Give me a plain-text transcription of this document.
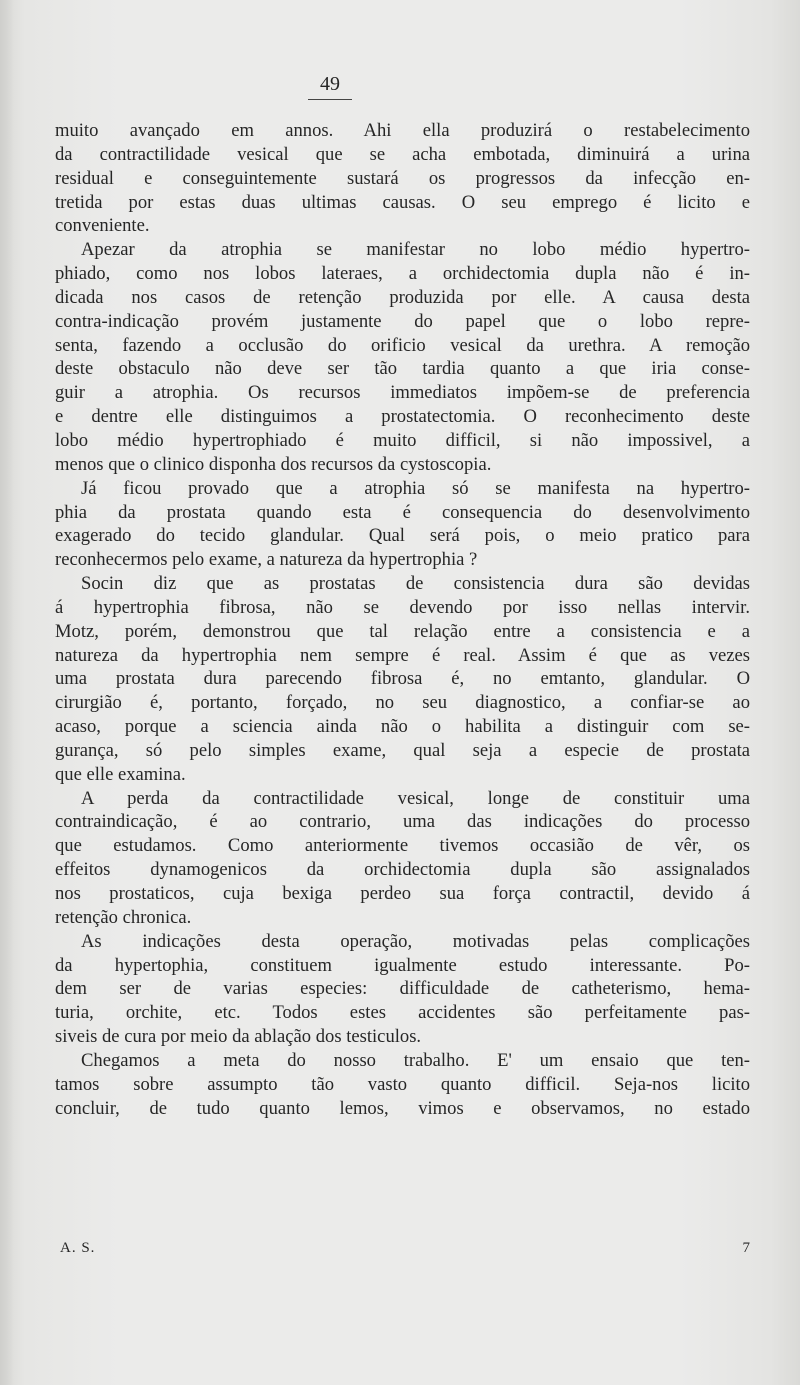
49
muito avançado em annos. Ahi ella produzirá o restabelecimento
da contractilidade vesical que se acha embotada, diminuirá a urina
residual e conseguintemente sustará os progressos da infecção en-
tretida por estas duas ultimas causas. O seu emprego é licito e
conveniente.
Apezar da atrophia se manifestar no lobo médio hypertro-
phiado, como nos lobos lateraes, a orchidectomia dupla não é in-
dicada nos casos de retenção produzida por elle. A causa desta
contra-indicação provém justamente do papel que o lobo repre-
senta, fazendo a occlusão do orificio vesical da urethra. A remoção
deste obstaculo não deve ser tão tardia quanto a que iria conse-
guir a atrophia. Os recursos immediatos impõem-se de preferencia
e dentre elle distinguimos a prostatectomia. O reconhecimento deste
lobo médio hypertrophiado é muito difficil, si não impossivel, a
menos que o clinico disponha dos recursos da cystoscopia.
Já ficou provado que a atrophia só se manifesta na hypertro-
phia da prostata quando esta é consequencia do desenvolvimento
exagerado do tecido glandular. Qual será pois, o meio pratico para
reconhecermos pelo exame, a natureza da hypertrophia ?
Socin diz que as prostatas de consistencia dura são devidas
á hypertrophia fibrosa, não se devendo por isso nellas intervir.
Motz, porém, demonstrou que tal relação entre a consistencia e a
natureza da hypertrophia nem sempre é real. Assim é que as vezes
uma prostata dura parecendo fibrosa é, no emtanto, glandular. O
cirurgião é, portanto, forçado, no seu diagnostico, a confiar-se ao
acaso, porque a sciencia ainda não o habilita a distinguir com se-
gurança, só pelo simples exame, qual seja a especie de prostata
que elle examina.
A perda da contractilidade vesical, longe de constituir uma
contraindicação, é ao contrario, uma das indicações do processo
que estudamos. Como anteriormente tivemos occasião de vêr, os
effeitos dynamogenicos da orchidectomia dupla são assignalados
nos prostaticos, cuja bexiga perdeo sua força contractil, devido á
retenção chronica.
As indicações desta operação, motivadas pelas complicações
da hypertophia, constituem igualmente estudo interessante. Po-
dem ser de varias especies: difficuldade de catheterismo, hema-
turia, orchite, etc. Todos estes accidentes são perfeitamente pas-
siveis de cura por meio da ablação dos testiculos.
Chegamos a meta do nosso trabalho. E' um ensaio que ten-
tamos sobre assumpto tão vasto quanto difficil. Seja-nos licito
concluir, de tudo quanto lemos, vimos e observamos, no estado
A. S.	7
